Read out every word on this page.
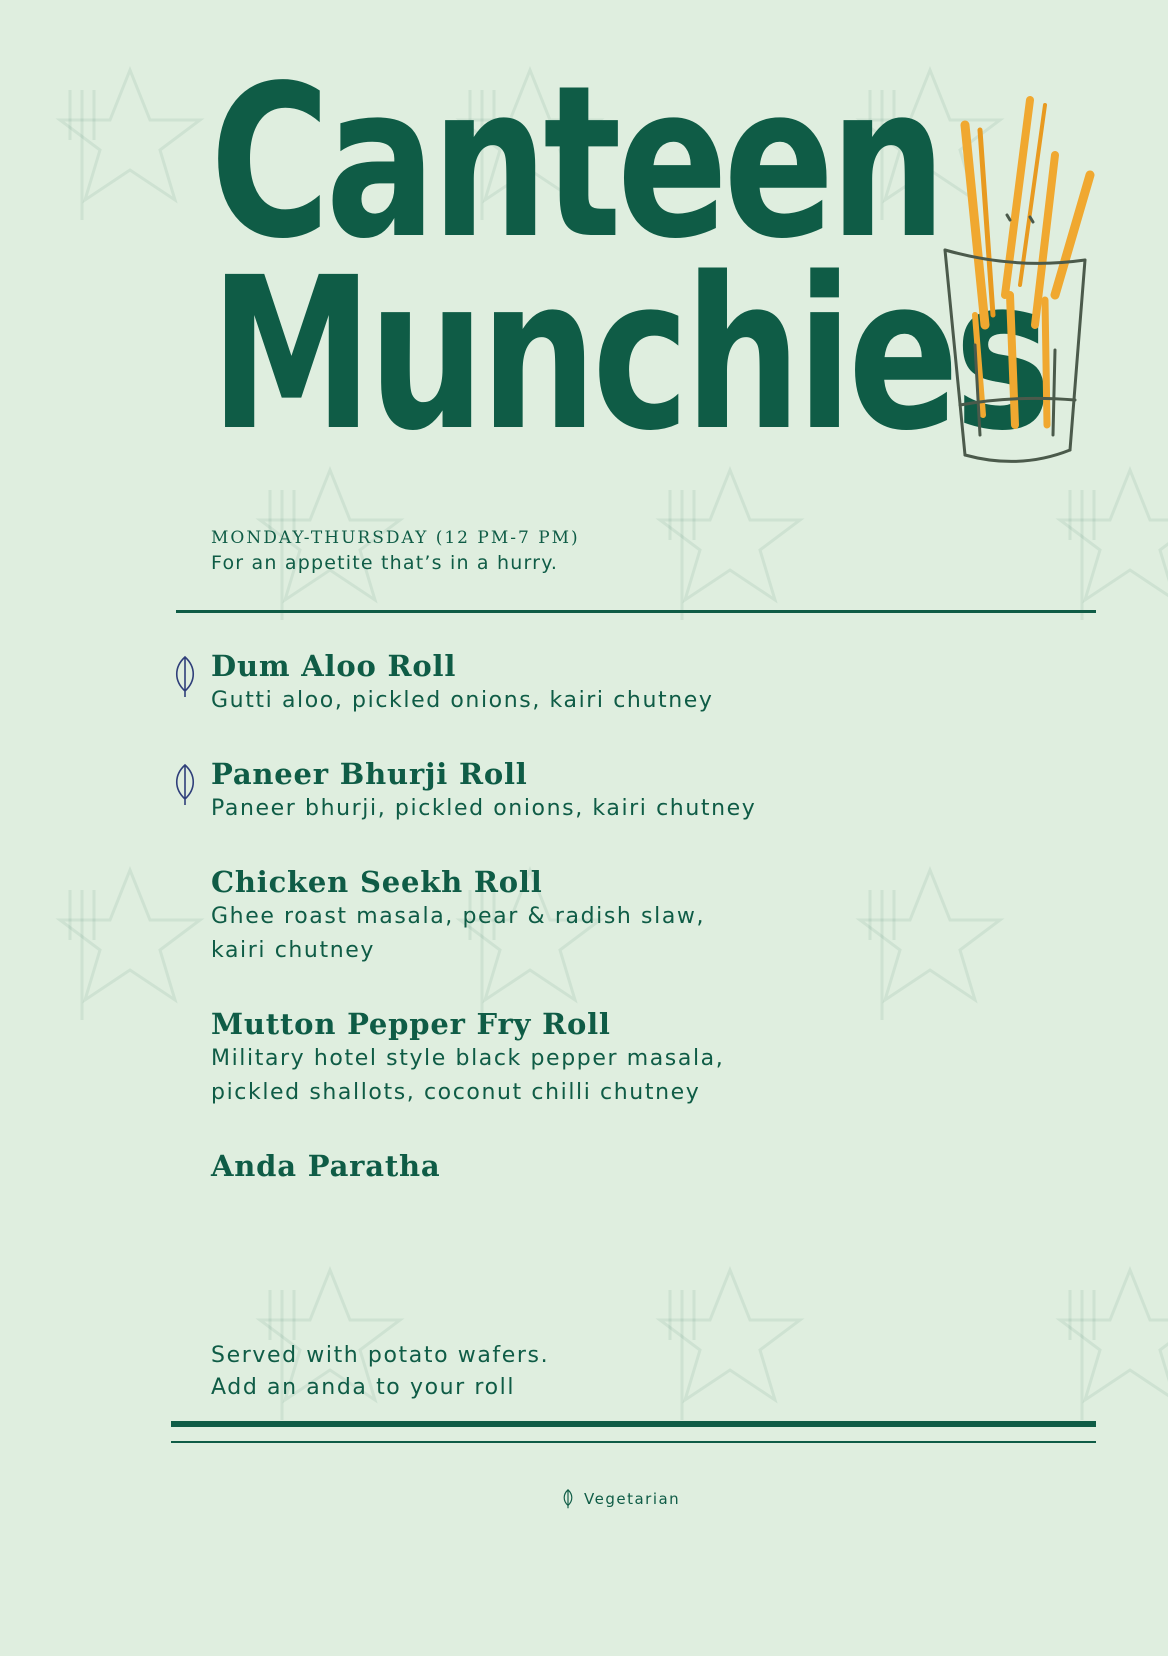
Canteen
Munchies
MONDAY-THURSDAY (12 PM-7 PM)
For an appetite that’s in a hurry.

Dum Aloo Roll

Gutti aloo, pickled onions, kairi chutney

Paneer Bhurji Roll

Paneer bhurji, pickled onions, kairi chutney

Chicken Seekh Roll

Ghee roast masala, pear & radish slaw,
kairi chutney

Mutton Pepper Fry Roll

Military hotel style black pepper masala,
pickled shallots, coconut chilli chutney

Anda Paratha

Served with potato wafers.
Add an anda to your roll
Vegetarian
